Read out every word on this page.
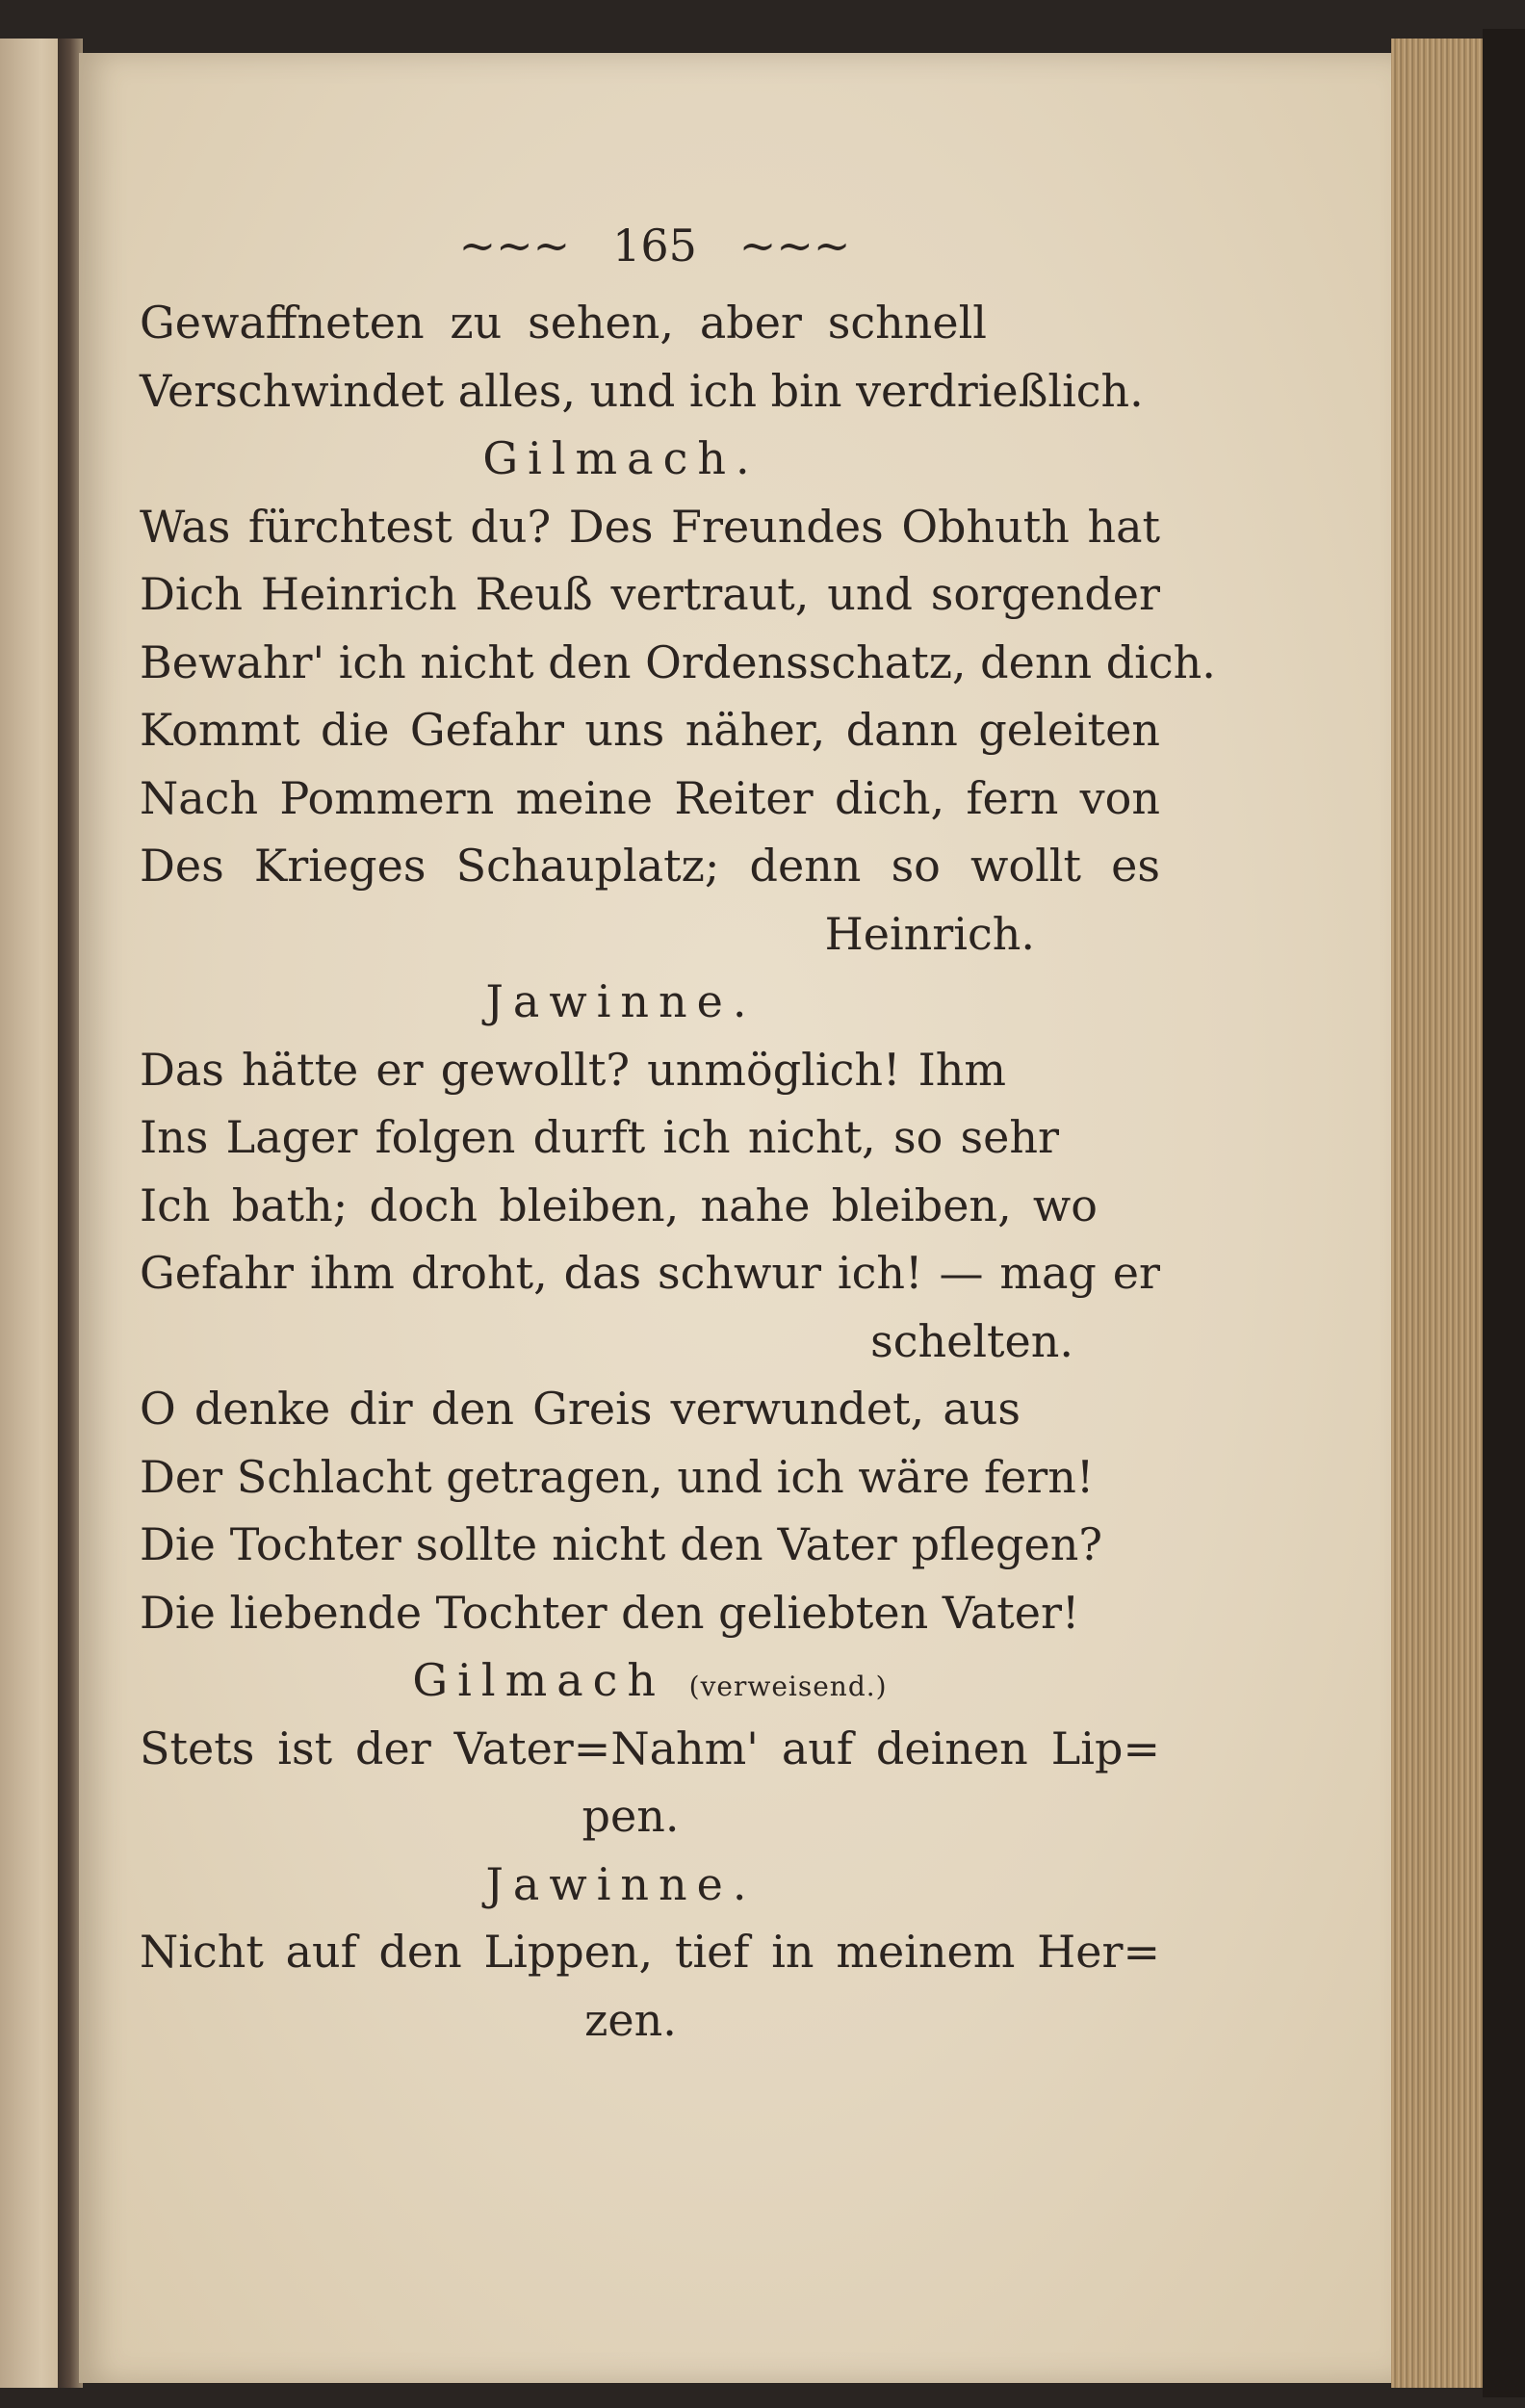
~~~ 165 ~~~
Gewaffneten zu sehen, aber schnell
Verschwindet alles, und ich bin verdrießlich.
Gilmach.
Was fürchtest du? Des Freundes Obhuth hat
Dich Heinrich Reuß vertraut, und sorgender
Bewahr' ich nicht den Ordensschatz, denn dich.
Kommt die Gefahr uns näher, dann geleiten
Nach Pommern meine Reiter dich, fern von
Des Krieges Schauplatz; denn so wollt es
Heinrich.
Jawinne.
Das hätte er gewollt? unmöglich! Ihm
Ins Lager folgen durft ich nicht, so sehr
Ich bath; doch bleiben, nahe bleiben, wo
Gefahr ihm droht, das schwur ich! — mag er
schelten.
O denke dir den Greis verwundet, aus
Der Schlacht getragen, und ich wäre fern!
Die Tochter sollte nicht den Vater pflegen?
Die liebende Tochter den geliebten Vater!
Gilmach (verweisend.)
Stets ist der Vater=Nahm' auf deinen Lip=
pen.
Jawinne.
Nicht auf den Lippen, tief in meinem Her=
zen.
